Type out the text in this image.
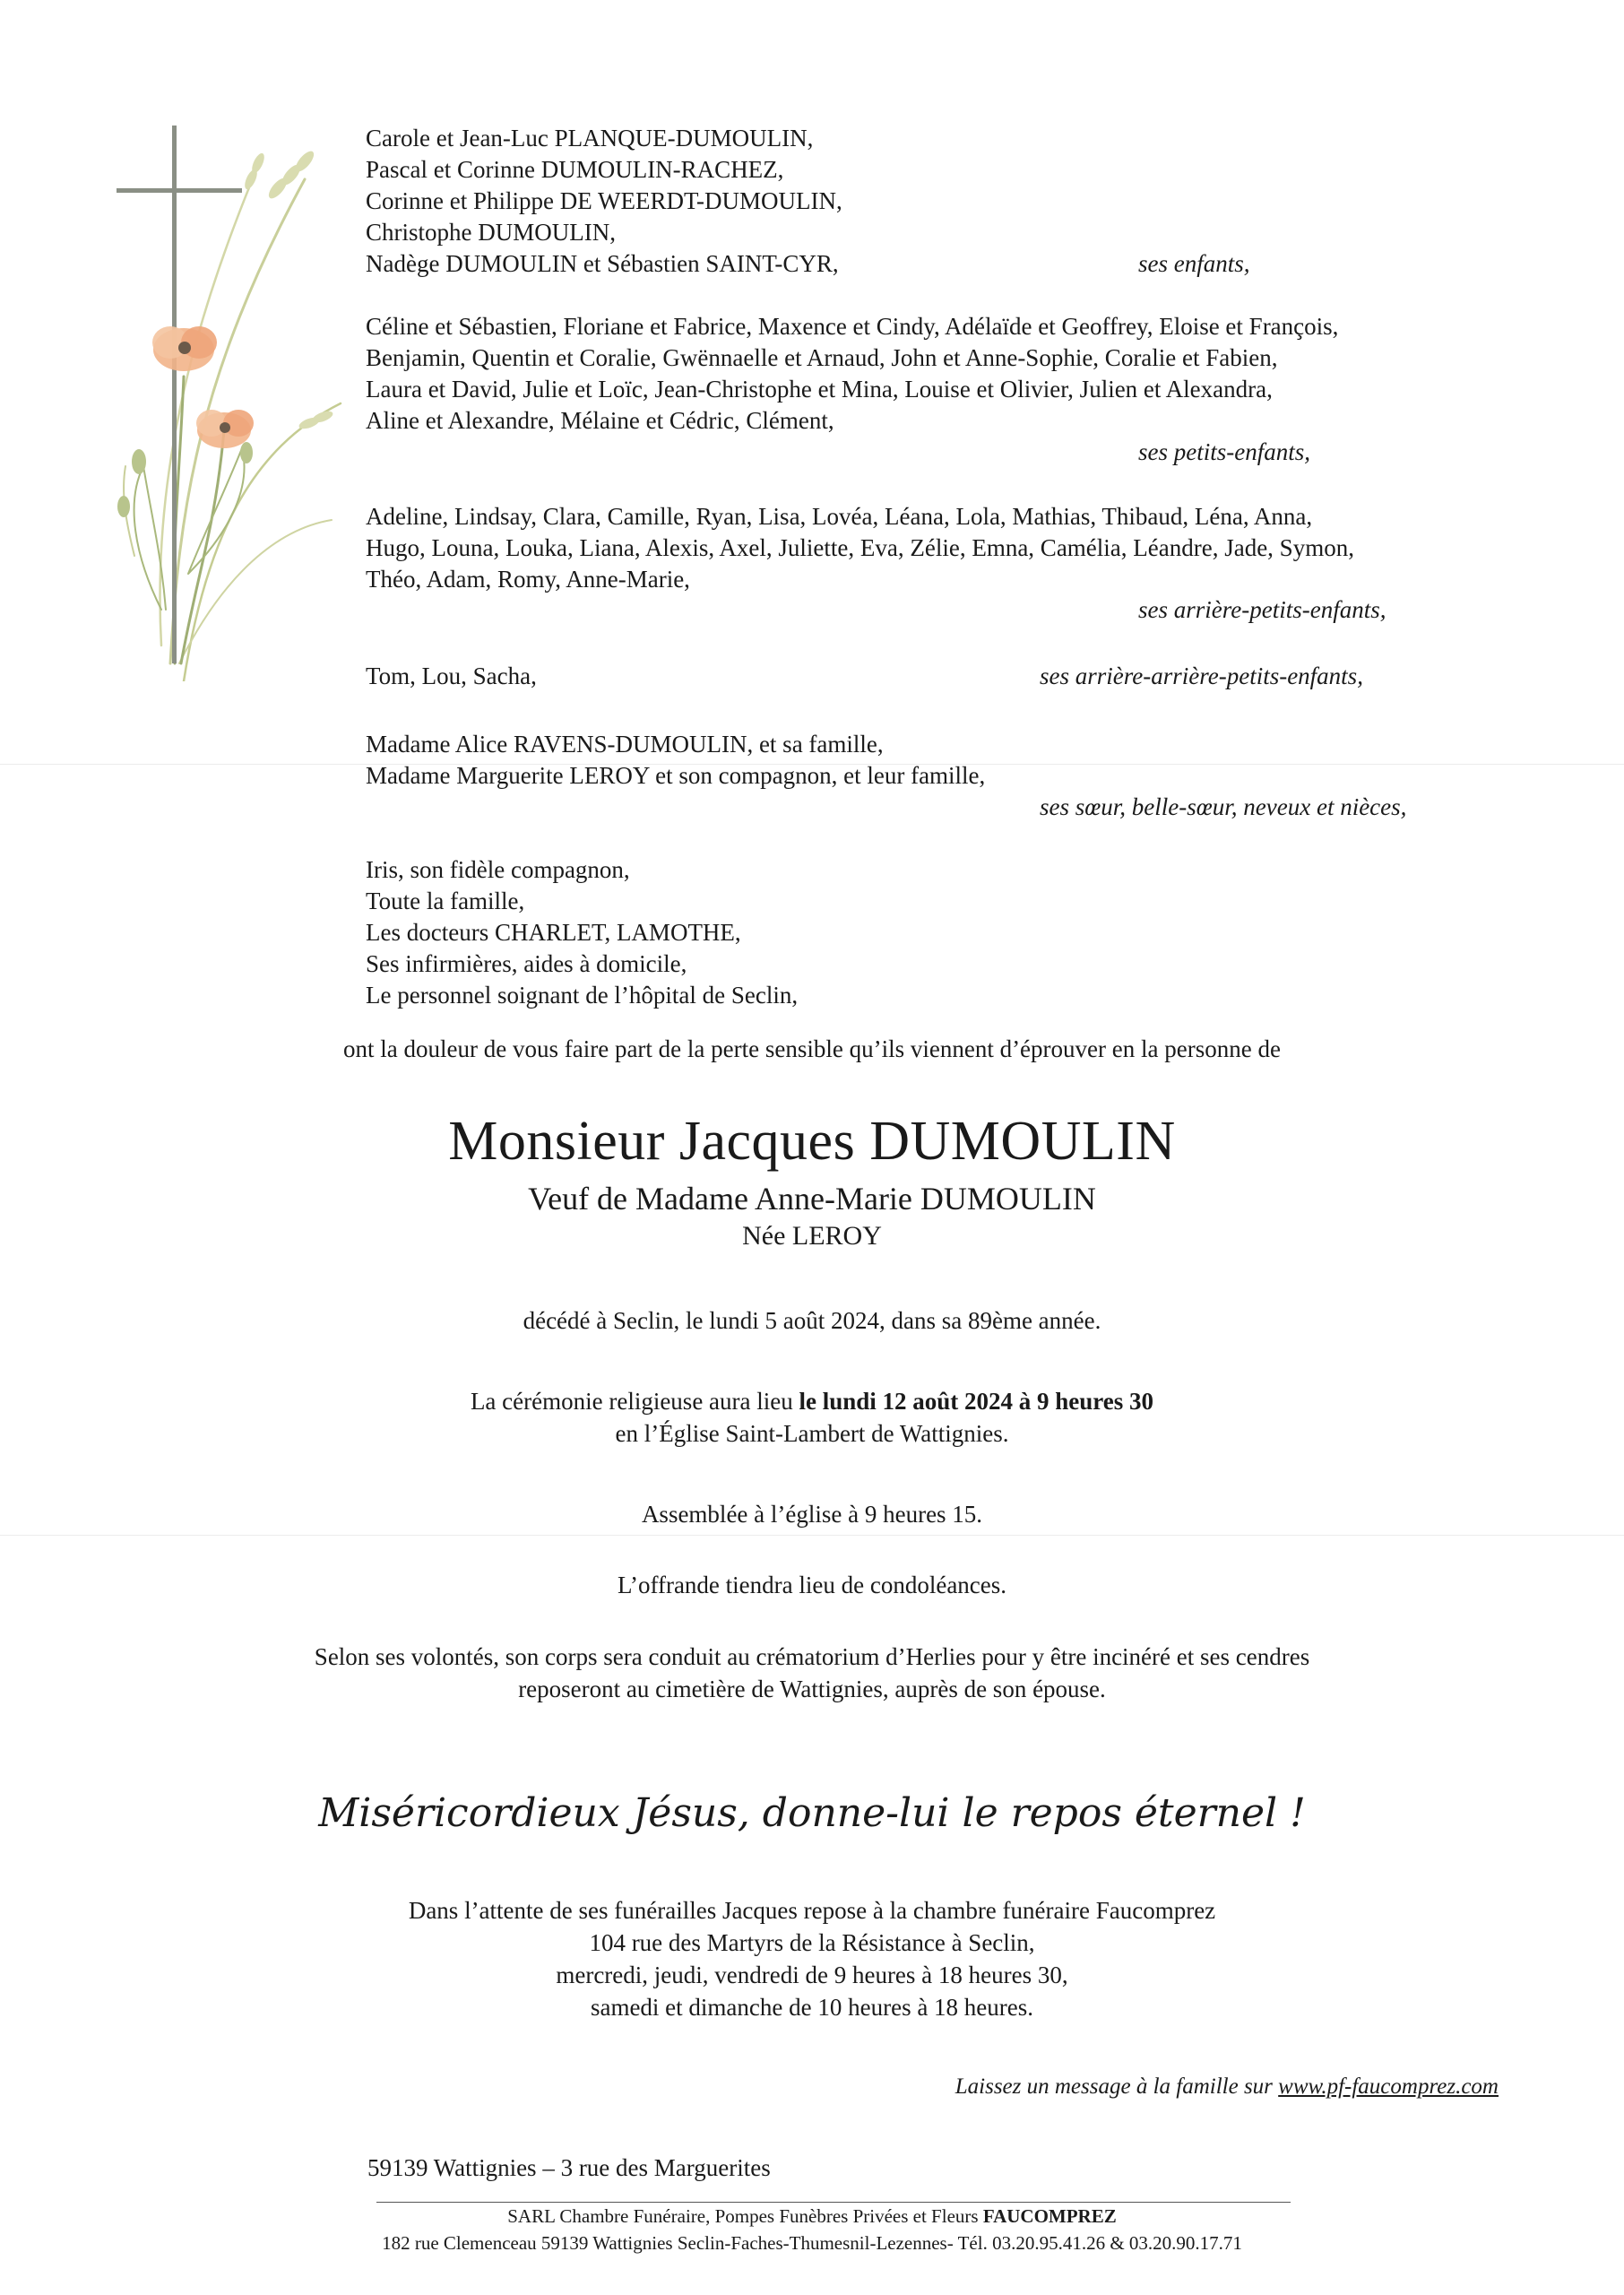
Carole et Jean-Luc PLANQUE-DUMOULIN,
Pascal et Corinne DUMOULIN-RACHEZ,
Corinne et Philippe DE WEERDT-DUMOULIN,
Christophe DUMOULIN,
Nadège DUMOULIN et Sébastien SAINT-CYR,	ses enfants,
Céline et Sébastien, Floriane et Fabrice, Maxence et Cindy, Adélaïde et Geoffrey, Eloise et François,
Benjamin, Quentin et Coralie, Gwënnaelle et Arnaud, John et Anne-Sophie, Coralie et Fabien,
Laura et David, Julie et Loïc, Jean-Christophe et Mina, Louise et Olivier, Julien et Alexandra,
Aline et Alexandre, Mélaine et Cédric, Clément,
ses petits-enfants,
Adeline, Lindsay, Clara, Camille, Ryan, Lisa, Lovéa, Léana, Lola, Mathias, Thibaud, Léna, Anna,
Hugo, Louna, Louka, Liana, Alexis, Axel, Juliette, Eva, Zélie, Emna, Camélia, Léandre, Jade, Symon,
Théo, Adam, Romy, Anne-Marie,
ses arrière-petits-enfants,
Tom, Lou, Sacha,	ses arrière-arrière-petits-enfants,
Madame Alice RAVENS-DUMOULIN, et sa famille,
Madame Marguerite LEROY et son compagnon, et leur famille,
ses sœur, belle-sœur, neveux et nièces,
Iris, son fidèle compagnon,
Toute la famille,
Les docteurs CHARLET, LAMOTHE,
Ses infirmières, aides à domicile,
Le personnel soignant de l’hôpital de Seclin,
ont la douleur de vous faire part de la perte sensible qu’ils viennent d’éprouver en la personne de
Monsieur Jacques DUMOULIN
Veuf de Madame Anne-Marie DUMOULIN
Née LEROY
décédé à Seclin, le lundi 5 août 2024, dans sa 89ème année.
La cérémonie religieuse aura lieu le lundi 12 août 2024 à 9 heures 30
en l’Église Saint-Lambert de Wattignies.
Assemblée à l’église à 9 heures 15.
L’offrande tiendra lieu de condoléances.
Selon ses volontés, son corps sera conduit au crématorium d’Herlies pour y être incinéré et ses cendres
reposeront au cimetière de Wattignies, auprès de son épouse.
Miséricordieux Jésus, donne-lui le repos éternel !
Dans l’attente de ses funérailles Jacques repose à la chambre funéraire Faucomprez
104 rue des Martyrs de la Résistance à Seclin,
mercredi, jeudi, vendredi de 9 heures à 18 heures 30,
samedi et dimanche de 10 heures à 18 heures.
Laissez un message à la famille sur www.pf-faucomprez.com
59139 Wattignies – 3 rue des Marguerites
SARL Chambre Funéraire, Pompes Funèbres Privées et Fleurs FAUCOMPREZ
182 rue Clemenceau 59139 Wattignies Seclin-Faches-Thumesnil-Lezennes- Tél. 03.20.95.41.26 & 03.20.90.17.71
